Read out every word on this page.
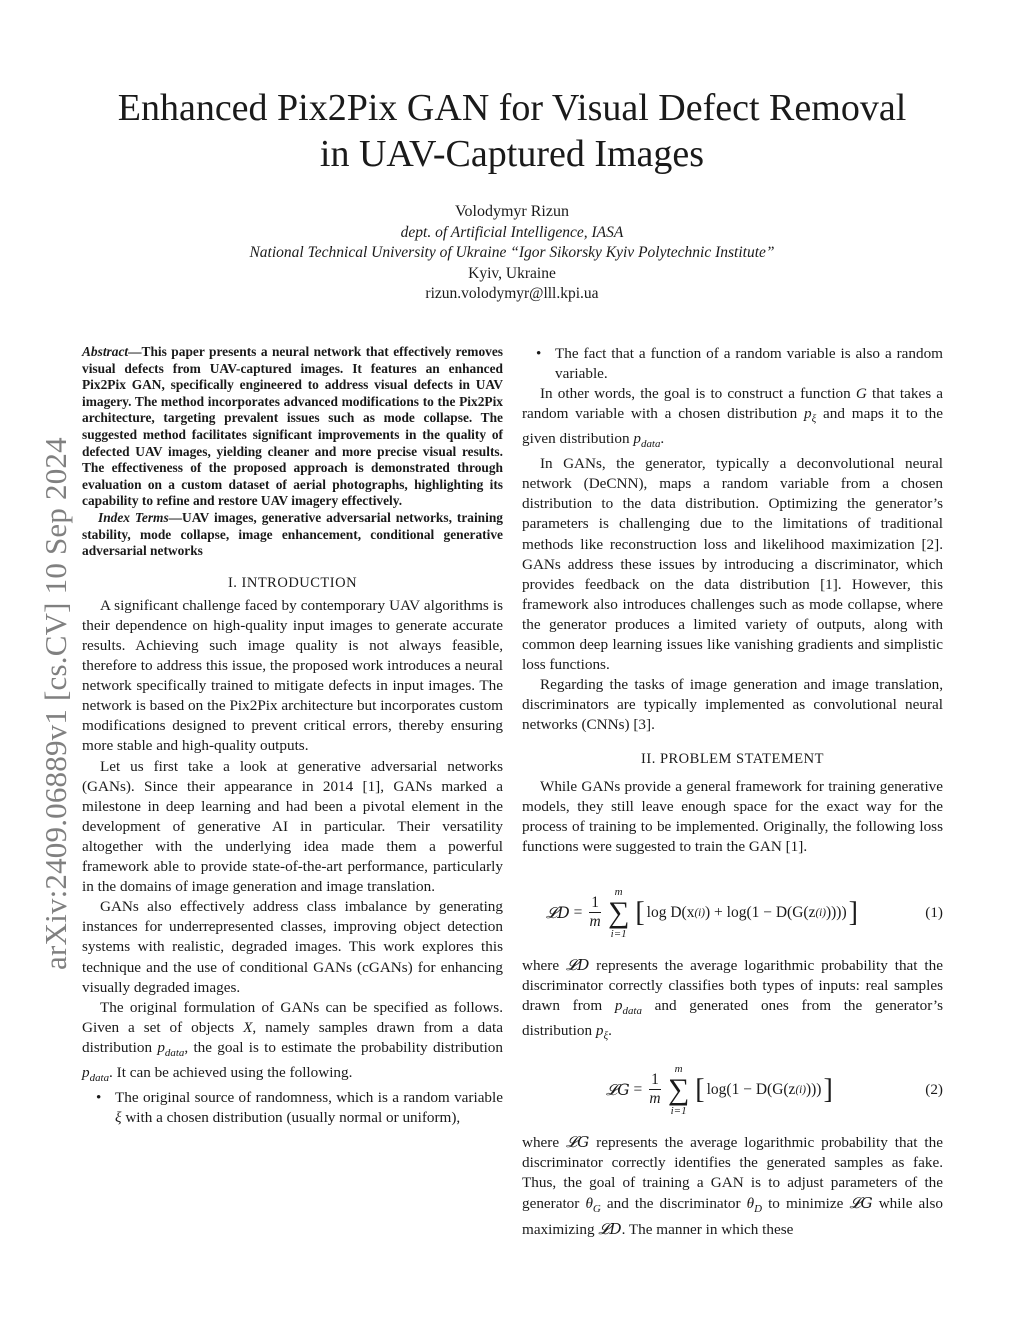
arXiv:2409.06889v1 [cs.CV] 10 Sep 2024
Enhanced Pix2Pix GAN for Visual Defect Removal
in UAV-Captured Images
Volodymyr Rizun
dept. of Artificial Intelligence, IASA
National Technical University of Ukraine “Igor Sikorsky Kyiv Polytechnic Institute”
Kyiv, Ukraine
rizun.volodymyr@lll.kpi.ua

Abstract—This paper presents a neural network that effectively removes visual defects from UAV-captured images. It features an enhanced Pix2Pix GAN, specifically engineered to address visual defects in UAV imagery. The method incorporates advanced modifications to the Pix2Pix architecture, targeting prevalent issues such as mode collapse. The suggested method facilitates significant improvements in the quality of defected UAV images, yielding cleaner and more precise visual results. The effectiveness of the proposed approach is demonstrated through evaluation on a custom dataset of aerial photographs, highlighting its capability to refine and restore UAV imagery effectively.

Index Terms—UAV images, generative adversarial networks, training stability, mode collapse, image enhancement, conditional generative adversarial networks

I. INTRODUCTION

A significant challenge faced by contemporary UAV algorithms is their dependence on high-quality input images to generate accurate results. Achieving such image quality is not always feasible, therefore to address this issue, the proposed work introduces a neural network specifically trained to mitigate defects in input images. The network is based on the Pix2Pix architecture but incorporates custom modifications designed to prevent critical errors, thereby ensuring more stable and high-quality outputs.

Let us first take a look at generative adversarial networks (GANs). Since their appearance in 2014 [1], GANs marked a milestone in deep learning and had been a pivotal element in the development of generative AI in particular. Their versatility altogether with the underlying idea made them a powerful framework able to provide state-of-the-art performance, particularly in the domains of image generation and image translation.

GANs also effectively address class imbalance by generating instances for underrepresented classes, improving object detection systems with realistic, degraded images. This work explores this technique and the use of conditional GANs (cGANs) for enhancing visually degraded images.

The original formulation of GANs can be specified as follows. Given a set of objects X, namely samples drawn from a data distribution $p_{data}$, the goal is to estimate the probability distribution $p_{data}$. It can be achieved using the following.

• The original source of randomness, which is a random variable ξ with a chosen distribution (usually normal or uniform),
• The fact that a function of a random variable is also a random variable.

In other words, the goal is to construct a function G that takes a random variable with a chosen distribution $p_\xi$ and maps it to the given distribution $p_{data}$.

In GANs, the generator, typically a deconvolutional neural network (DeCNN), maps a random variable from a chosen distribution to the data distribution. Optimizing the generator’s parameters is challenging due to the limitations of traditional methods like reconstruction loss and likelihood maximization [2]. GANs address these issues by introducing a discriminator, which provides feedback on the data distribution [1]. However, this framework also introduces challenges such as mode collapse, where the generator produces a limited variety of outputs, along with common deep learning issues like vanishing gradients and simplistic loss functions.

Regarding the tasks of image generation and image translation, discriminators are typically implemented as convolutional neural networks (CNNs) [3].

II. PROBLEM STATEMENT

While GANs provide a general framework for training generative models, they still leave enough space for the exact way for the process of training to be implemented. Originally, the following loss functions were suggested to train the GAN [1].

𝓛D = $\frac{1}{m}$
m
∑
i=1
[ log D(x (i) ) + log(1 − D(G(z (i) )))) ]	(1)

where 𝓛D represents the average logarithmic probability that the discriminator correctly classifies both types of inputs: real samples drawn from $p_{data}$ and generated ones from the generator’s distribution $p_\xi$.

𝓛G = $\frac{1}{m}$
m
∑
i=1
[ log(1 − D(G(z (i) ))) ]	(2)

where 𝓛G represents the average logarithmic probability that the discriminator correctly identifies the generated samples as fake. Thus, the goal of training a GAN is to adjust parameters of the generator $\theta_G$ and the discriminator $\theta_D$ to minimize 𝓛G while also maximizing 𝓛D. The manner in which these
